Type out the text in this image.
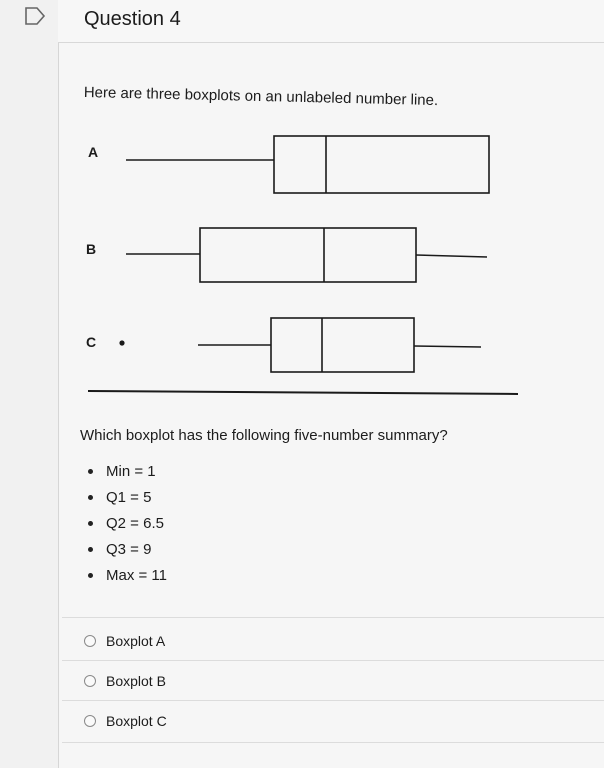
Question 4
Here are three boxplots on an unlabeled number line.
A
B
C
Which boxplot has the following five-number summary?
Min = 1
Q1 = 5
Q2 = 6.5
Q3 = 9
Max = 11
Boxplot A
Boxplot B
Boxplot C
